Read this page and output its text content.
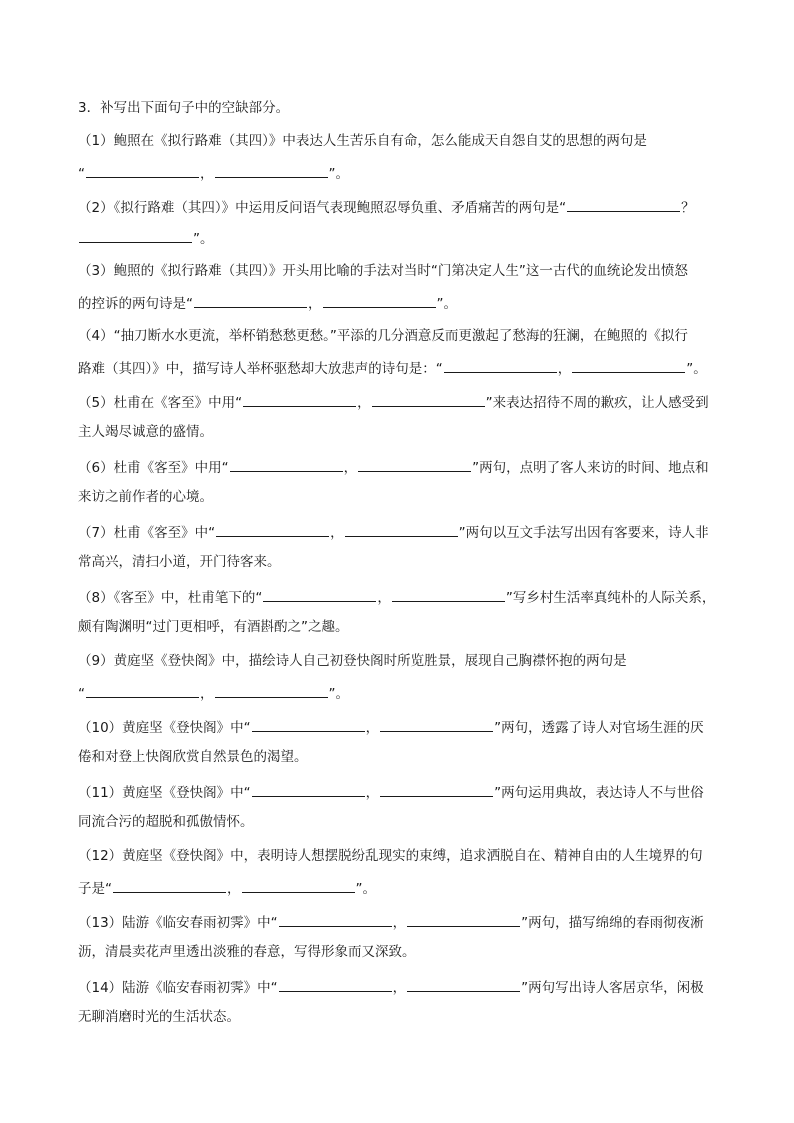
3．补写出下面句子中的空缺部分。
（1）鲍照在《拟行路难（其四）》中表达人生苦乐自有命，怎么能成天自怨自艾的思想的两句是
“	，	”。
（2）《拟行路难（其四）》中运用反问语气表现鲍照忍辱负重、矛盾痛苦的两句是“	？
”。
（3）鲍照的《拟行路难（其四）》开头用比喻的手法对当时“门第决定人生”这一古代的血统论发出愤怒
的控诉的两句诗是“	，	”。
（4）“抽刀断水水更流，举杯销愁愁更愁。”平添的几分酒意反而更激起了愁海的狂澜，在鲍照的《拟行
路难（其四）》中，描写诗人举杯驱愁却大放悲声的诗句是：“	，	”。
（5）杜甫在《客至》中用“	，	”来表达招待不周的歉疚，让人感受到
主人竭尽诚意的盛情。
（6）杜甫《客至》中用“	，	”两句，点明了客人来访的时间、地点和
来访之前作者的心境。
（7）杜甫《客至》中“	，	”两句以互文手法写出因有客要来，诗人非
常高兴，清扫小道，开门待客来。
（8）《客至》中，杜甫笔下的“	，	”写乡村生活率真纯朴的人际关系，
颇有陶渊明“过门更相呼，有酒斟酌之”之趣。
（9）黄庭坚《登快阁》中，描绘诗人自己初登快阁时所览胜景，展现自己胸襟怀抱的两句是
“	，	”。
（10）黄庭坚《登快阁》中“	，	”两句，透露了诗人对官场生涯的厌
倦和对登上快阁欣赏自然景色的渴望。
（11）黄庭坚《登快阁》中“	，	”两句运用典故，表达诗人不与世俗
同流合污的超脱和孤傲情怀。
（12）黄庭坚《登快阁》中，表明诗人想摆脱纷乱现实的束缚，追求洒脱自在、精神自由的人生境界的句
子是“	，	”。
（13）陆游《临安春雨初霁》中“	，	”两句，描写绵绵的春雨彻夜淅
沥，清晨卖花声里透出淡雅的春意，写得形象而又深致。
（14）陆游《临安春雨初霁》中“	，	”两句写出诗人客居京华，闲极
无聊消磨时光的生活状态。
